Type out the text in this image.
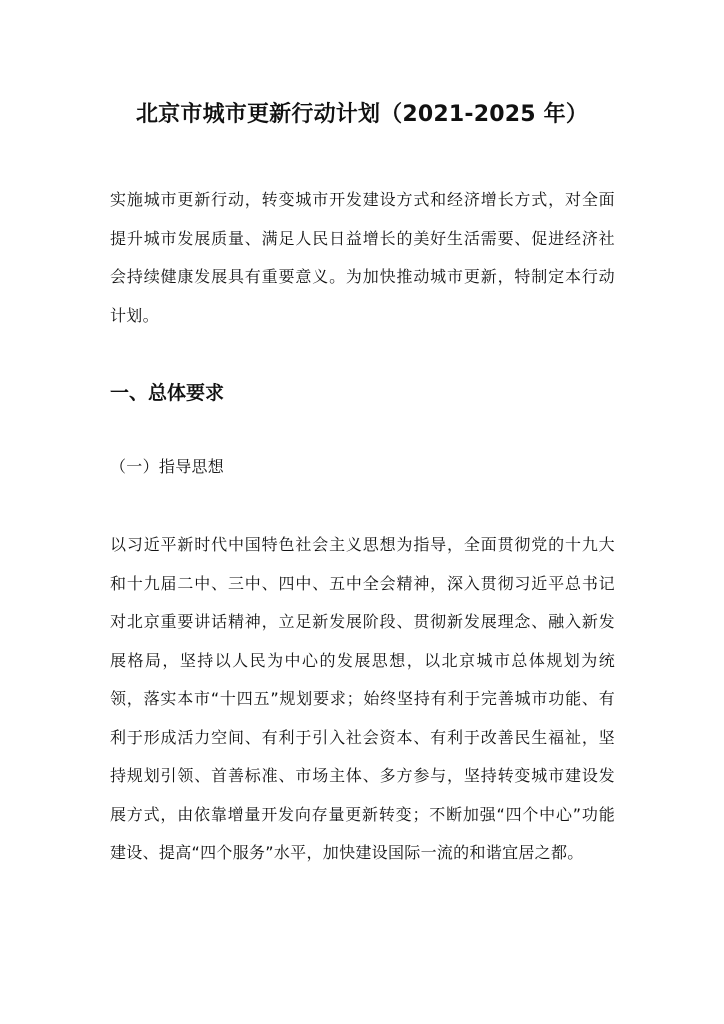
北京市城市更新行动计划（2021-2025 年）
实施城市更新行动，转变城市开发建设方式和经济增长方式，对全面提升城市发展质量、满足人民日益增长的美好生活需要、促进经济社会持续健康发展具有重要意义。为加快推动城市更新，特制定本行动计划。
一、总体要求
（一）指导思想
以习近平新时代中国特色社会主义思想为指导，全面贯彻党的十九大和十九届二中、三中、四中、五中全会精神，深入贯彻习近平总书记对北京重要讲话精神，立足新发展阶段、贯彻新发展理念、融入新发展格局，坚持以人民为中心的发展思想，以北京城市总体规划为统领，落实本市“十四五”规划要求；始终坚持有利于完善城市功能、有利于形成活力空间、有利于引入社会资本、有利于改善民生福祉，坚持规划引领、首善标准、市场主体、多方参与，坚持转变城市建设发展方式，由依靠增量开发向存量更新转变；不断加强“四个中心”功能建设、提高“四个服务”水平，加快建设国际一流的和谐宜居之都。
